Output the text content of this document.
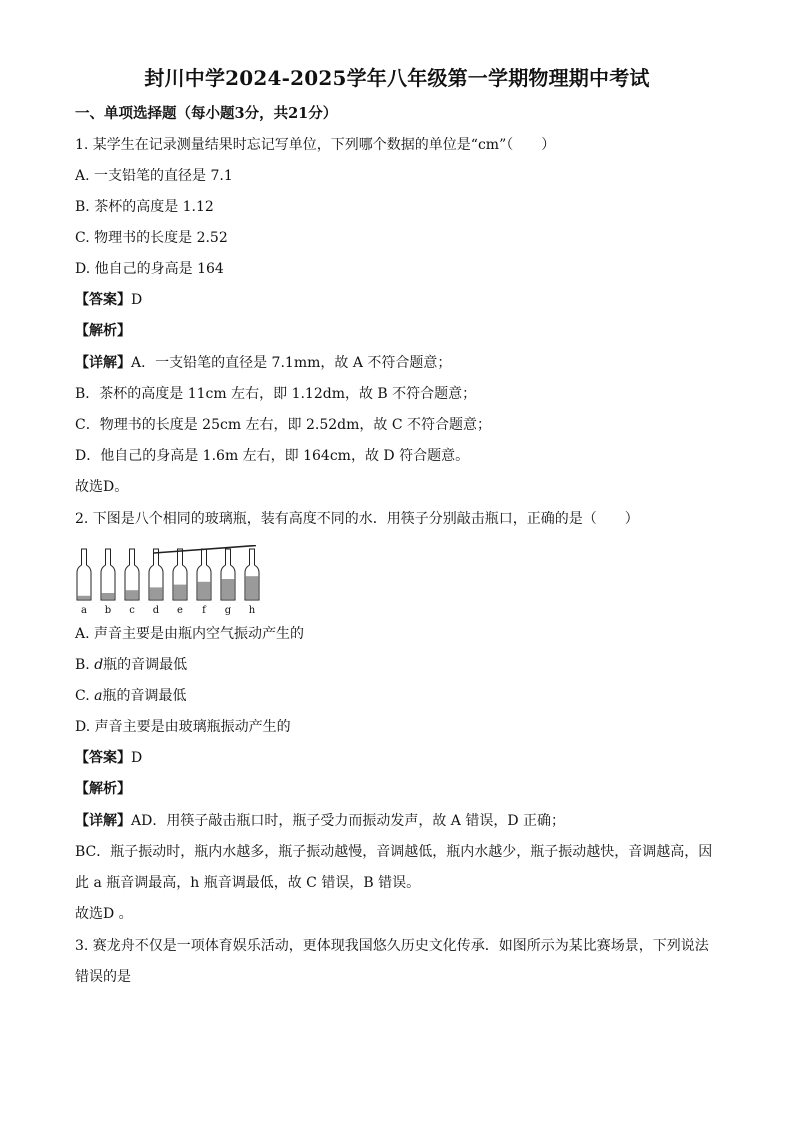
封川中学2024-2025学年八年级第一学期物理期中考试
一、单项选择题（每小题3分，共21分）
1. 某学生在记录测量结果时忘记写单位，下列哪个数据的单位是“cm”（　　）
A. 一支铅笔的直径是 7.1
B. 茶杯的高度是 1.12
C. 物理书的长度是 2.52
D. 他自己的身高是 164
【答案】D
【解析】
【详解】A．一支铅笔的直径是 7.1mm，故 A 不符合题意；
B．茶杯的高度是 11cm 左右，即 1.12dm，故 B 不符合题意；
C．物理书的长度是 25cm 左右，即 2.52dm，故 C 不符合题意；
D．他自己的身高是 1.6m 左右，即 164cm，故 D 符合题意。
故选D。
2. 下图是八个相同的玻璃瓶，装有高度不同的水．用筷子分别敲击瓶口，正确的是（　　）
a b c d e f g h
A. 声音主要是由瓶内空气振动产生的
B. d瓶的音调最低
C. a瓶的音调最低
D. 声音主要是由玻璃瓶振动产生的
【答案】D
【解析】
【详解】AD．用筷子敲击瓶口时，瓶子受力而振动发声，故 A 错误，D 正确；
BC．瓶子振动时，瓶内水越多，瓶子振动越慢，音调越低，瓶内水越少，瓶子振动越快，音调越高，因
此 a 瓶音调最高，h 瓶音调最低，故 C 错误，B 错误。
故选D 。
3. 赛龙舟不仅是一项体育娱乐活动，更体现我国悠久历史文化传承．如图所示为某比赛场景，下列说法
错误的是
